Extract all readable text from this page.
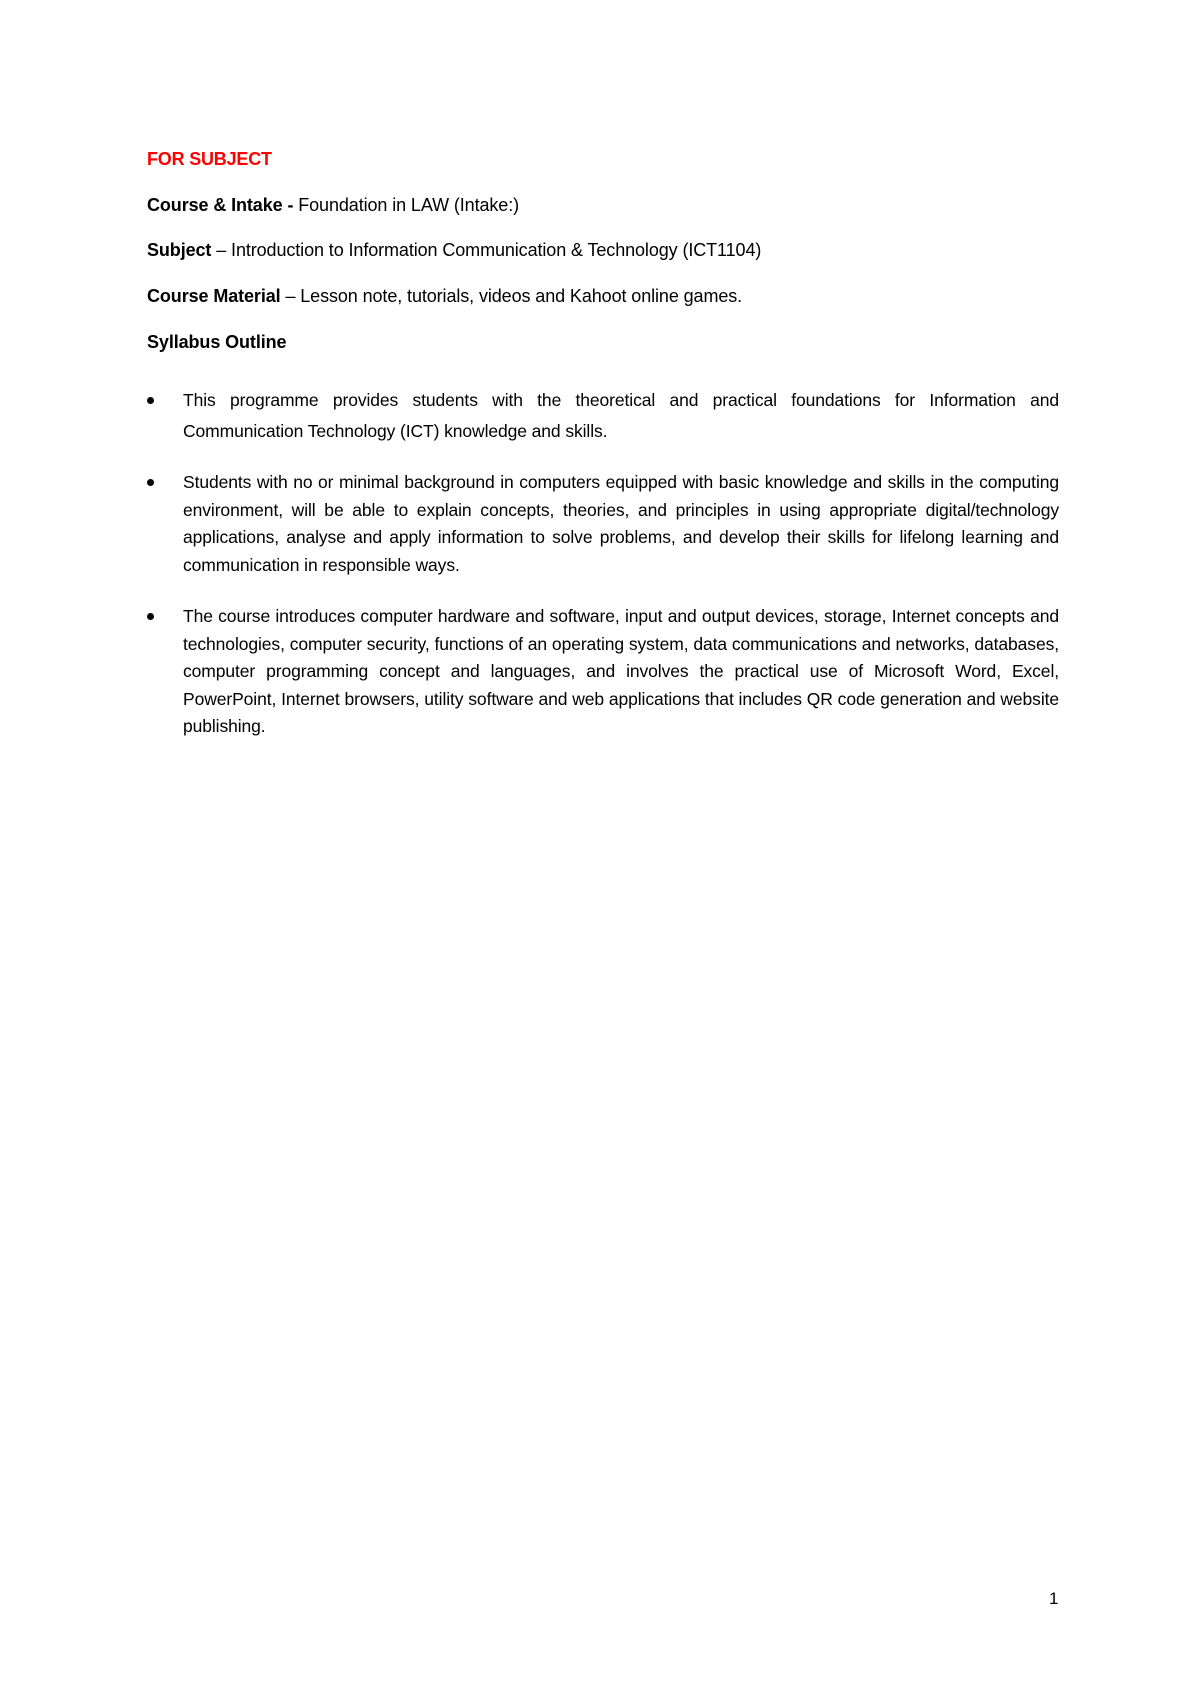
FOR SUBJECT
Course & Intake - Foundation in LAW (Intake:)
Subject – Introduction to Information Communication & Technology (ICT1104)
Course Material – Lesson note, tutorials, videos and Kahoot online games.
Syllabus Outline
This programme provides students with the theoretical and practical foundations for Information and Communication Technology (ICT) knowledge and skills.
Students with no or minimal background in computers equipped with basic knowledge and skills in the computing environment, will be able to explain concepts, theories, and principles in using appropriate digital/technology applications, analyse and apply information to solve problems, and develop their skills for lifelong learning and communication in responsible ways.
The course introduces computer hardware and software, input and output devices, storage, Internet concepts and technologies, computer security, functions of an operating system, data communications and networks, databases, computer programming concept and languages, and involves the practical use of Microsoft Word, Excel, PowerPoint, Internet browsers, utility software and web applications that includes QR code generation and website publishing.
1
